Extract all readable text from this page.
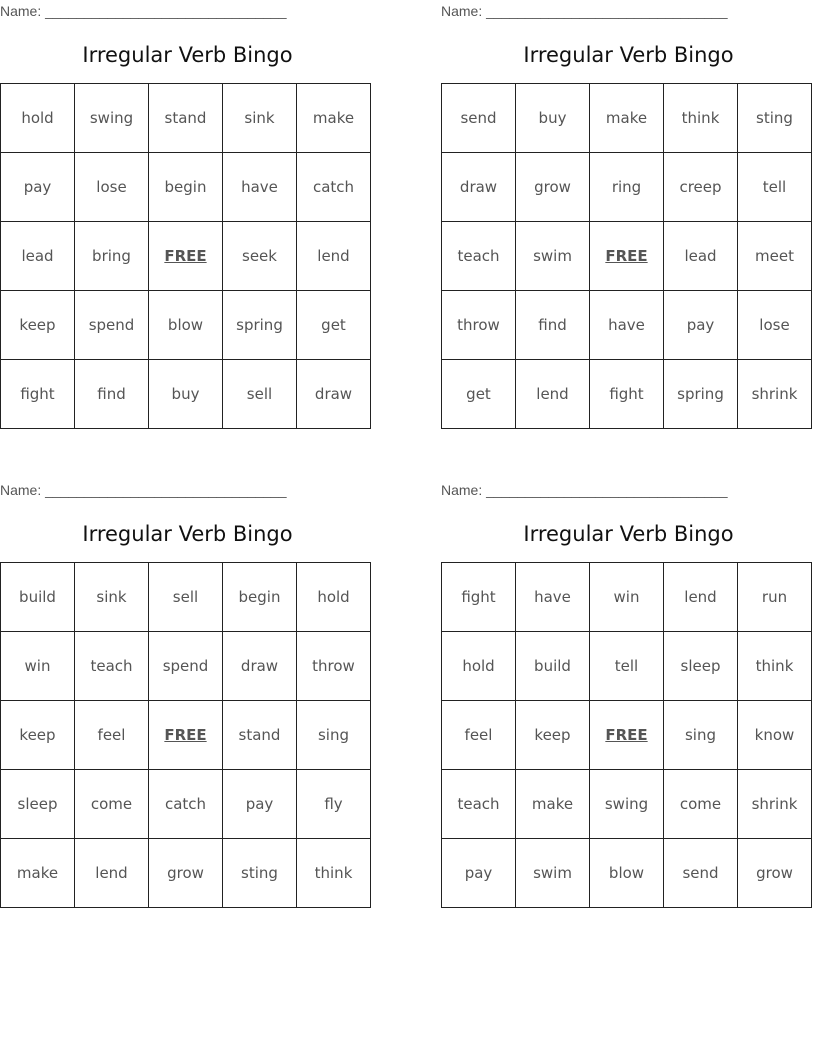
Name: _______________________________
Irregular Verb Bingo
hold	swing	stand	sink	make
pay	lose	begin	have	catch
lead	bring	FREE	seek	lend
keep	spend	blow	spring	get
fight	find	buy	sell	draw
Name: _______________________________
Irregular Verb Bingo
send	buy	make	think	sting
draw	grow	ring	creep	tell
teach	swim	FREE	lead	meet
throw	find	have	pay	lose
get	lend	fight	spring	shrink
Name: _______________________________
Irregular Verb Bingo
build	sink	sell	begin	hold
win	teach	spend	draw	throw
keep	feel	FREE	stand	sing
sleep	come	catch	pay	fly
make	lend	grow	sting	think
Name: _______________________________
Irregular Verb Bingo
fight	have	win	lend	run
hold	build	tell	sleep	think
feel	keep	FREE	sing	know
teach	make	swing	come	shrink
pay	swim	blow	send	grow
